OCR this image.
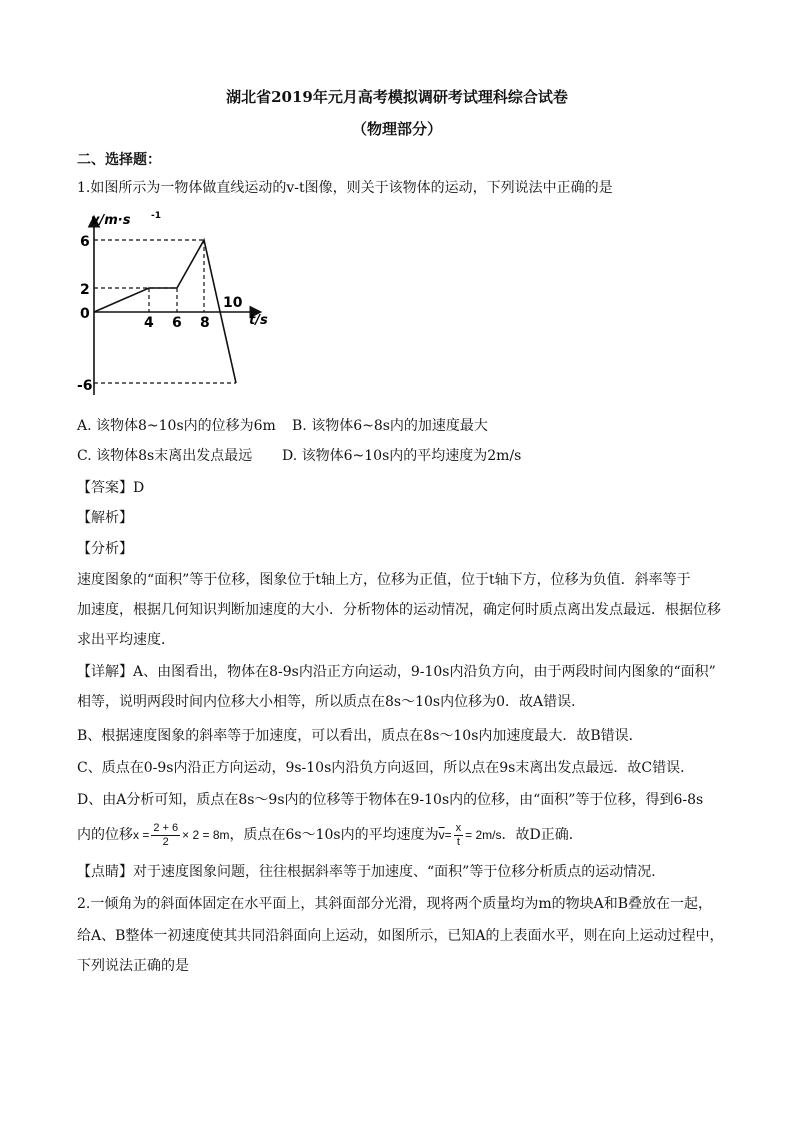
湖北省2019年元月高考模拟调研考试理科综合试卷
（物理部分）
二、选择题：
1.如图所示为一物体做直线运动的v-t图像，则关于该物体的运动，下列说法中正确的是
v/m·s -1
t/s
6
2
0
-6
4 6 8
10
A. 该物体8~10s内的位移为6m B. 该物体6~8s内的加速度最大
C. 该物体8s末离出发点最远 D. 该物体6~10s内的平均速度为2m/s
【答案】D
【解析】
【分析】
速度图象的“面积”等于位移，图象位于t轴上方，位移为正值，位于t轴下方，位移为负值．斜率等于
加速度，根据几何知识判断加速度的大小．分析物体的运动情况，确定何时质点离出发点最远．根据位移
求出平均速度．
【详解】A、由图看出，物体在8-9s内沿正方向运动，9-10s内沿负方向，由于两段时间内图象的“面积”
相等，说明两段时间内位移大小相等，所以质点在8s～10s内位移为0．故A错误．
B、根据速度图象的斜率等于加速度，可以看出，质点在8s～10s内加速度最大．故B错误．
C、质点在0-9s内沿正方向运动，9s-10s内沿负方向返回，所以点在9s末离出发点最远．故C错误．
D、由A分析可知，质点在8s～9s内的位移等于物体在9-10s内的位移，由“面积”等于位移，得到6-8s
内的位移$x = \frac{2 + 6}{2} \times 2 = 8m$，质点在6s～10s内的平均速度为$\overline{v}= \frac{x}{t} = 2m/s$．故D正确．
【点睛】对于速度图象问题，往往根据斜率等于加速度、“面积”等于位移分析质点的运动情况．
2.一倾角为的斜面体固定在水平面上，其斜面部分光滑，现将两个质量均为m的物块A和B叠放在一起，
给A、B整体一初速度使其共同沿斜面向上运动，如图所示，已知A的上表面水平，则在向上运动过程中，
下列说法正确的是
